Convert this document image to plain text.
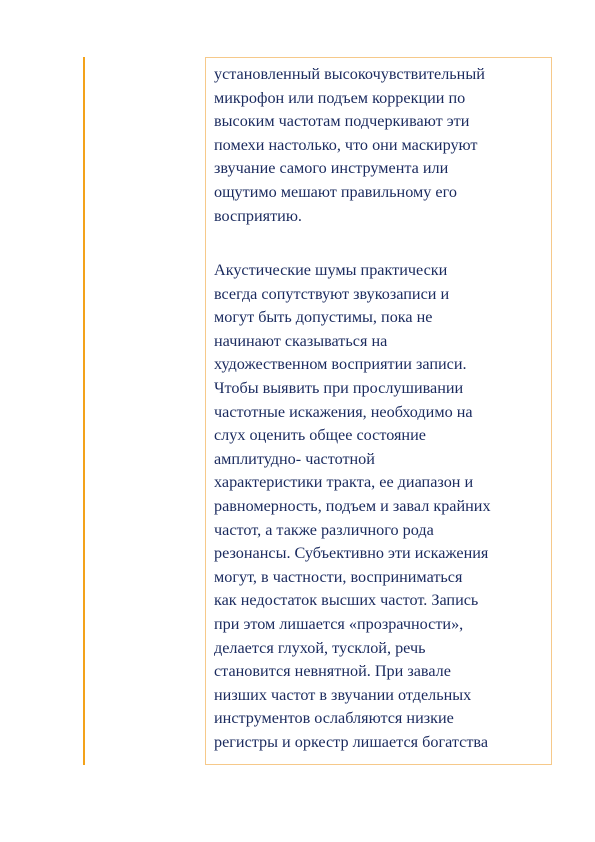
установленный высокочувствительный
микрофон или подъем коррекции по
высоким частотам подчеркивают эти
помехи настолько, что они маскируют
звучание самого инструмента или
ощутимо мешают правильному его
восприятию.

Акустические шумы практически
всегда сопутствуют звукозаписи и
могут быть допустимы, пока не
начинают сказываться на
художественном восприятии записи.
Чтобы выявить при прослушивании
частотные искажения, необходимо на
слух оценить общее состояние
амплитудно- частотной
характеристики тракта, ее диапазон и
равномерность, подъем и завал крайних
частот, а также различного рода
резонансы. Субъективно эти искажения
могут, в частности, восприниматься
как недостаток высших частот. Запись
при этом лишается «прозрачности»,
делается глухой, тусклой, речь
становится невнятной. При завале
низших частот в звучании отдельных
инструментов ослабляются низкие
регистры и оркестр лишается богатства
